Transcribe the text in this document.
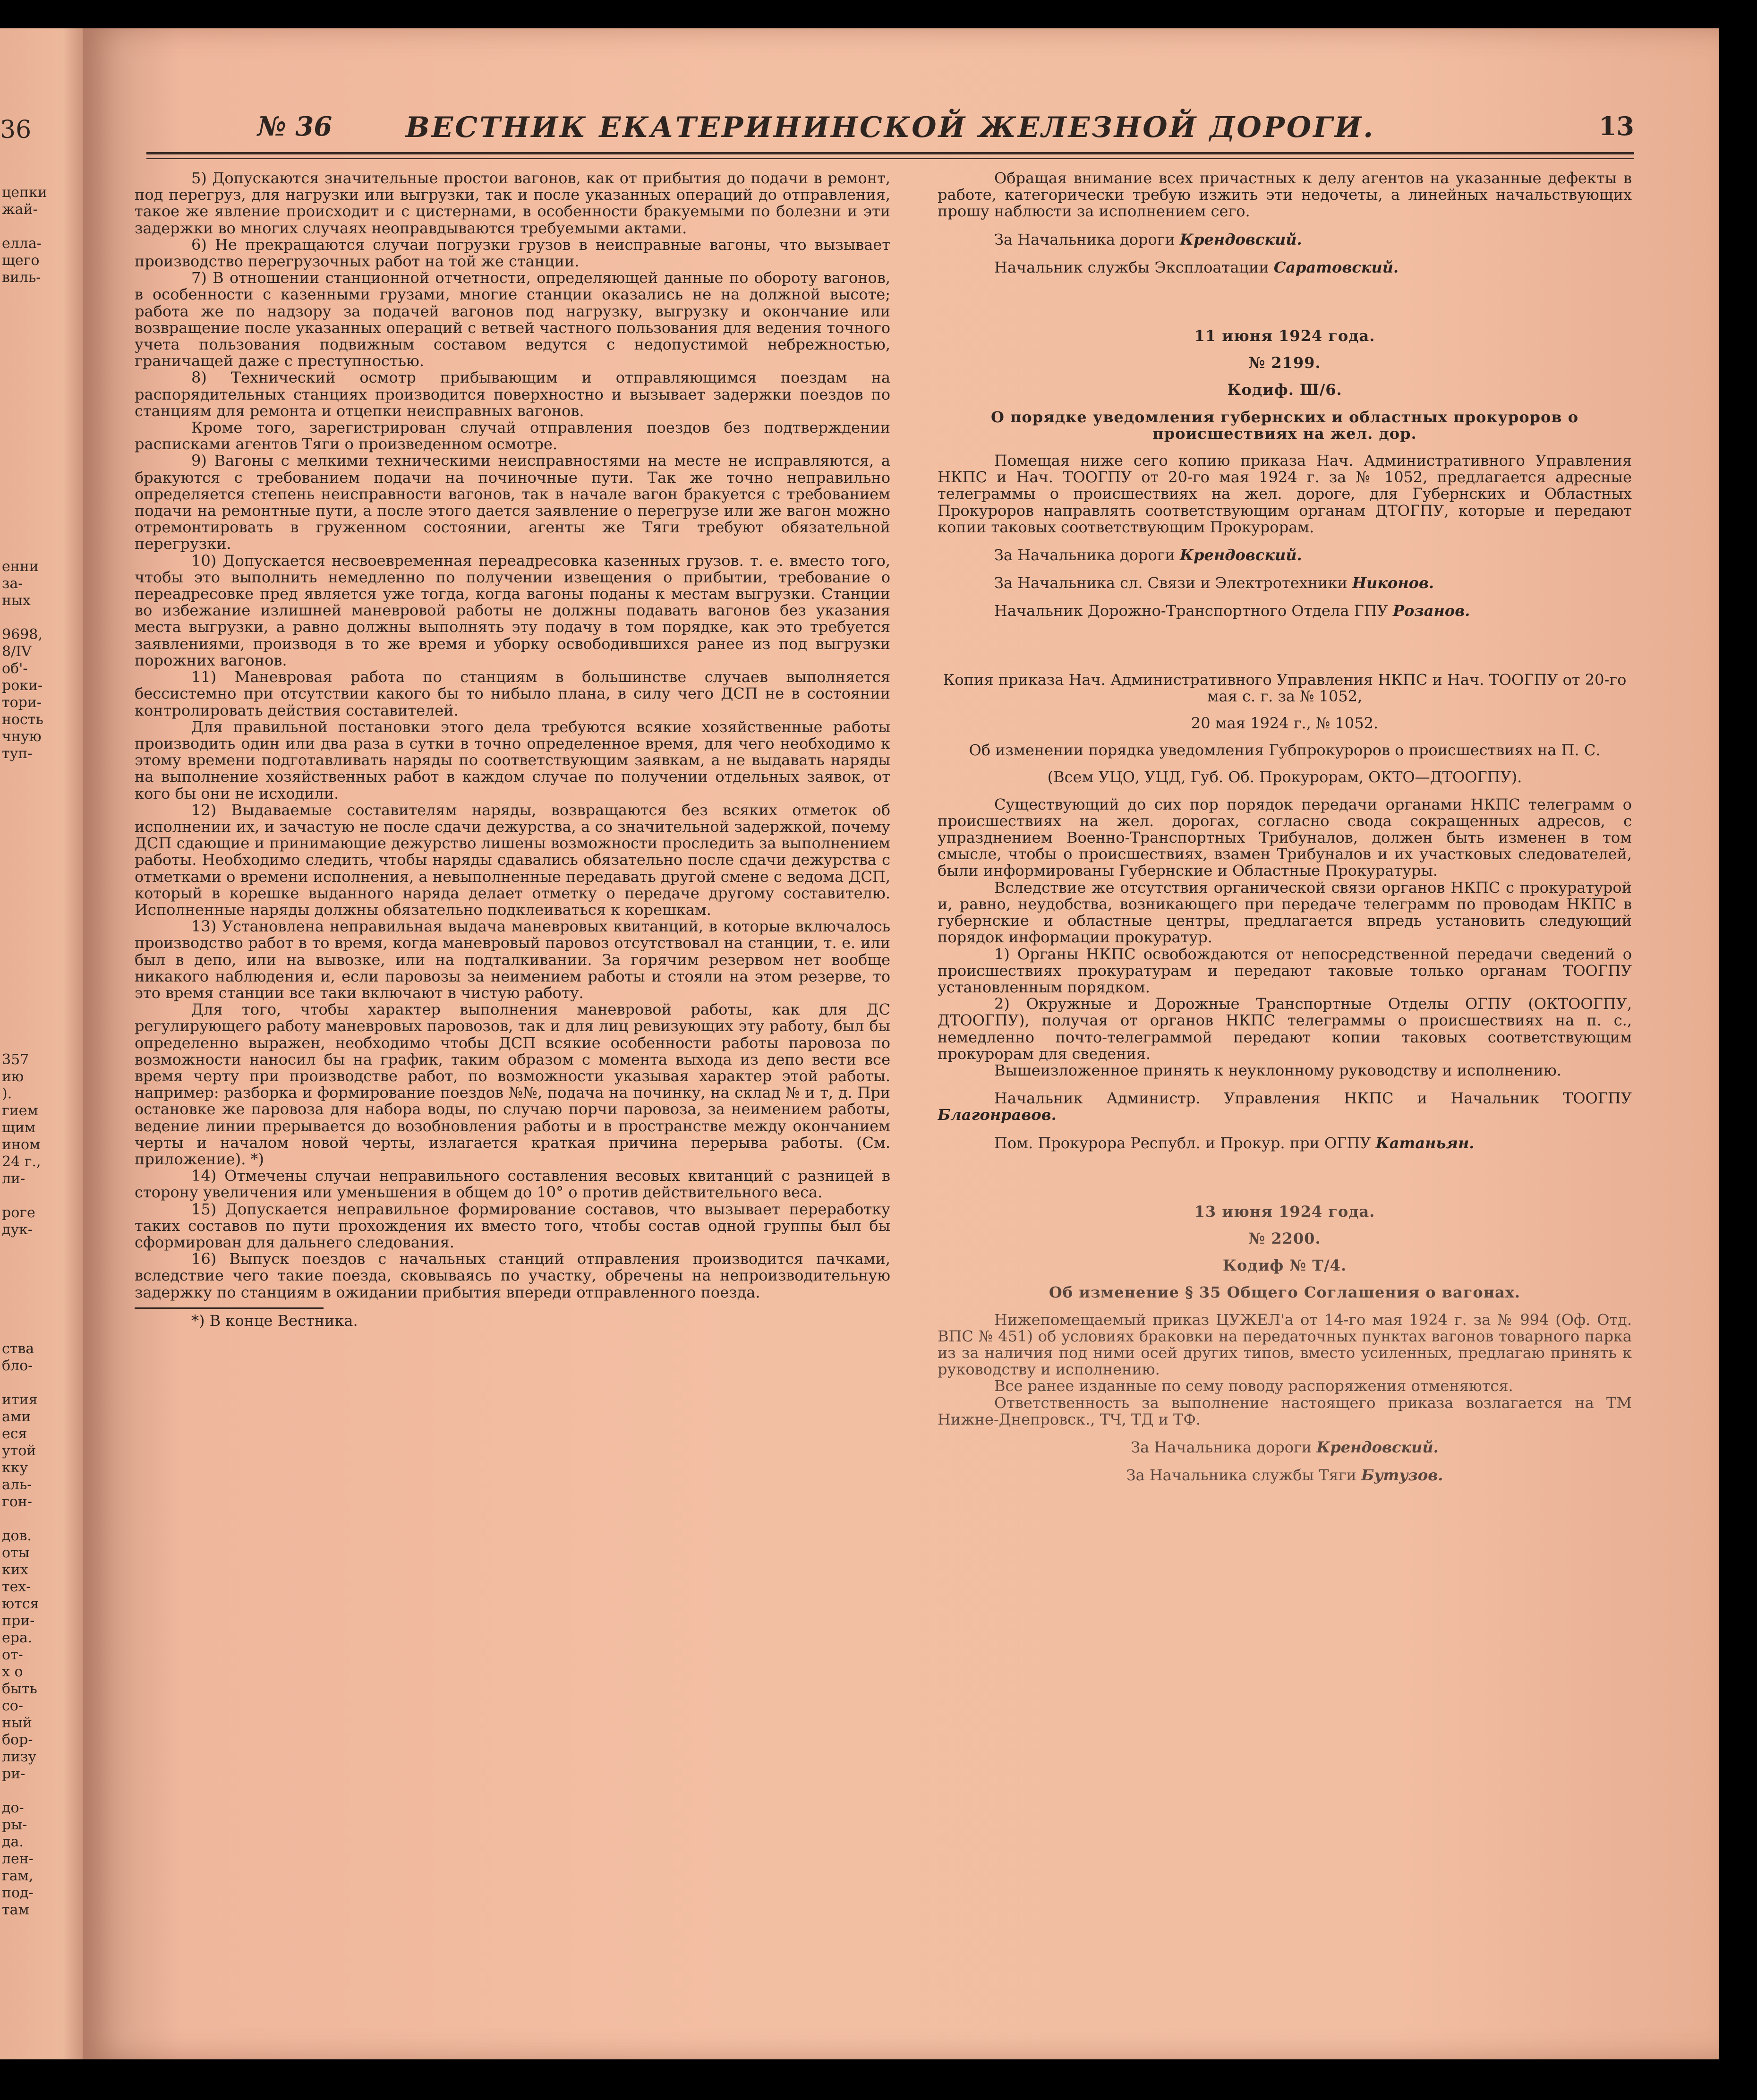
36
цепки
жай-
елла-
щего
виль-
енни
за-
ных
9698,
8/IV
об'-
роки-
тори-
ность
чную
туп-
357
ию
).
гием
щим
ином
24 г.,
ли-
роге
дук-
ства
бло-
ития
ами
еся
утой
кку
аль-
гон-
дов.
оты
ких
тех-
ются
при-
ера.
от-
х о
быть
со-
ный
бор-
лизу
ри-
до-
ры-
да.
лен-
гам,
под-
там
№ 36	ВЕСТНИК ЕКАТЕРИНИНСКОЙ ЖЕЛЕЗНОЙ ДОРОГИ.	13

5) Допускаются значительные простои вагонов, как от прибытия до подачи в ремонт, под перегруз, для нагрузки или выгрузки, так и после указанных операций до отправления, такое же явление происходит и с цистернами, в особенности бракуемыми по болезни и эти задержки во многих случаях неоправдываются требуемыми актами.

6) Не прекращаются случаи погрузки грузов в неисправные вагоны, что вызывает производство перегрузочных работ на той же станции.

7) В отношении станционной отчетности, определяющей данные по обороту вагонов, в особенности с казенными грузами, многие станции оказались не на должной высоте; работа же по надзору за подачей вагонов под нагрузку, выгрузку и окончание или возвращение после указанных операций с ветвей частного пользования для ведения точного учета пользования подвижным составом ведутся с недопустимой небрежностью, граничащей даже с преступностью.

8) Технический осмотр прибывающим и отправляющимся поездам на распорядительных станциях производится поверхностно и вызывает задержки поездов по станциям для ремонта и отцепки неисправных вагонов.

Кроме того, зарегистрирован случай отправления поездов без подтверждении расписками агентов Тяги о произведенном осмотре.

9) Вагоны с мелкими техническими неисправностями на месте не исправляются, а бракуются с требованием подачи на починочные пути. Так же точно неправильно определяется степень неисправности вагонов, так в начале вагон бракуется с требованием подачи на ремонтные пути, а после этого дается заявление о перегрузе или же вагон можно отремонтировать в груженном состоянии, агенты же Тяги требуют обязательной перегрузки.

10) Допускается несвоевременная переадресовка казенных грузов. т. е. вместо того, чтобы это выполнить немедленно по получении извещения о прибытии, требование о переадресовке пред является уже тогда, когда вагоны поданы к местам выгрузки. Станции во избежание излишней маневровой работы не должны подавать вагонов без указания места выгрузки, а равно должны выполнять эту подачу в том порядке, как это требуется заявлениями, производя в то же время и уборку освободившихся ранее из под выгрузки порожних вагонов.

11) Маневровая работа по станциям в большинстве случаев выполняется бессистемно при отсутствии какого бы то нибыло плана, в силу чего ДСП не в состоянии контролировать действия составителей.

Для правильной постановки этого дела требуются всякие хозяйственные работы производить один или два раза в сутки в точно определенное время, для чего необходимо к этому времени подготавливать наряды по соответствующим заявкам, а не выдавать наряды на выполнение хозяйственных работ в каждом случае по получении отдельных заявок, от кого бы они не исходили.

12) Выдаваемые составителям наряды, возвращаются без всяких отметок об исполнении их, и зачастую не после сдачи дежурства, а со значительной задержкой, почему ДСП сдающие и принимающие дежурство лишены возможности проследить за выполнением работы. Необходимо следить, чтобы наряды сдавались обязательно после сдачи дежурства с отметками о времени исполнения, а невыполненные передавать другой смене с ведома ДСП, который в корешке выданного наряда делает отметку о передаче другому составителю. Исполненные наряды должны обязательно подклеиваться к корешкам.

13) Установлена неправильная выдача маневровых квитанций, в которые включалось производство работ в то время, когда маневровый паровоз отсутствовал на станции, т. е. или был в депо, или на вывозке, или на подталкивании. За горячим резервом нет вообще никакого наблюдения и, если паровозы за неимением работы и стояли на этом резерве, то это время станции все таки включают в чистую работу.

Для того, чтобы характер выполнения маневровой работы, как для ДС регулирующего работу маневровых паровозов, так и для лиц ревизующих эту работу, был бы определенно выражен, необходимо чтобы ДСП всякие особенности работы паровоза по возможности наносил бы на график, таким образом с момента выхода из депо вести все время черту при производстве работ, по возможности указывая характер этой работы. например: разборка и формирование поездов №№, подача на починку, на склад № и т, д. При остановке же паровоза для набора воды, по случаю порчи паровоза, за неимением работы, ведение линии прерывается до возобновления работы и в пространстве между окончанием черты и началом новой черты, излагается краткая причина перерыва работы. (См. приложение). *)

14) Отмечены случаи неправильного составления весовых квитанций с разницей в сторону увеличения или уменьшения в общем до 10° о против действительного веса.

15) Допускается неправильное формирование составов, что вызывает переработку таких составов по пути прохождения их вместо того, чтобы состав одной группы был бы сформирован для дальнего следования.

16) Выпуск поездов с начальных станций отправления производится пачками, вследствие чего такие поезда, сковываясь по участку, обречены на непроизводительную задержку по станциям в ожидании прибытия впереди отправленного поезда.

*) В конце Вестника.

Обращая внимание всех причастных к делу агентов на указанные дефекты в работе, категорически требую изжить эти недочеты, а линейных начальствующих прошу наблюсти за исполнением сего.

За Начальника дороги Крендовский.

Начальник службы Эксплоатации Саратовский.

11 июня 1924 года.

№ 2199.

Кодиф. Ш/6.

О порядке уведомления губернских и областных прокуроров о происшествиях на жел. дор.

Помещая ниже сего копию приказа Нач. Административного Управления НКПС и Нач. ТООГПУ от 20-го мая 1924 г. за № 1052, предлагается адресные телеграммы о происшествиях на жел. дороге, для Губернских и Областных Прокуроров направлять соответствующим органам ДТОГПУ, которые и передают копии таковых соответствующим Прокурорам.

За Начальника дороги Крендовский.

За Начальника сл. Связи и Электротехники Никонов.

Начальник Дорожно-Транспортного Отдела ГПУ Розанов.

Копия приказа Нач. Административного Управления НКПС и Нач. ТООГПУ от 20-го мая с. г. за № 1052,

20 мая 1924 г., № 1052.

Об изменении порядка уведомления Губпрокуроров о происшествиях на П. С.

(Всем УЦО, УЦД, Губ. Об. Прокурорам, ОКТО—ДТООГПУ).

Существующий до сих пор порядок передачи органами НКПС телеграмм о происшествиях на жел. дорогах, согласно свода сокращенных адресов, с упразднением Военно-Транспортных Трибуналов, должен быть изменен в том смысле, чтобы о происшествиях, взамен Трибуналов и их участковых следователей, были информированы Губернские и Областные Прокуратуры.

Вследствие же отсутствия органической связи органов НКПС с прокуратурой и, равно, неудобства, возникающего при передаче телеграмм по проводам НКПС в губернские и областные центры, предлагается впредь установить следующий порядок информации прокуратур.

1) Органы НКПС освобождаются от непосредственной передачи сведений о происшествиях прокуратурам и передают таковые только органам ТООГПУ установленным порядком.

2) Окружные и Дорожные Транспортные Отделы ОГПУ (ОКТООГПУ, ДТООГПУ), получая от органов НКПС телеграммы о происшествиях на п. с., немедленно почто-телеграммой передают копии таковых соответствующим прокурорам для сведения.

Вышеизложенное принять к неуклонному руководству и исполнению.

Начальник Администр. Управления НКПС и Начальник ТООГПУ Благонравов.

Пом. Прокурора Республ. и Прокур. при ОГПУ Катаньян.

13 июня 1924 года.

№ 2200.

Кодиф № Т/4.

Об изменение § 35 Общего Соглашения о вагонах.

Нижепомещаемый приказ ЦУЖЕЛ'а от 14-го мая 1924 г. за № 994 (Оф. Отд. ВПС № 451) об условиях браковки на передаточных пунктах вагонов товарного парка из за наличия под ними осей других типов, вместо усиленных, предлагаю принять к руководству и исполнению.

Все ранее изданные по сему поводу распоряжения отменяются.

Ответственность за выполнение настоящего приказа возлагается на ТМ Нижне-Днепровск., ТЧ, ТД и ТФ.

За Начальника дороги Крендовский.

За Начальника службы Тяги Бутузов.
